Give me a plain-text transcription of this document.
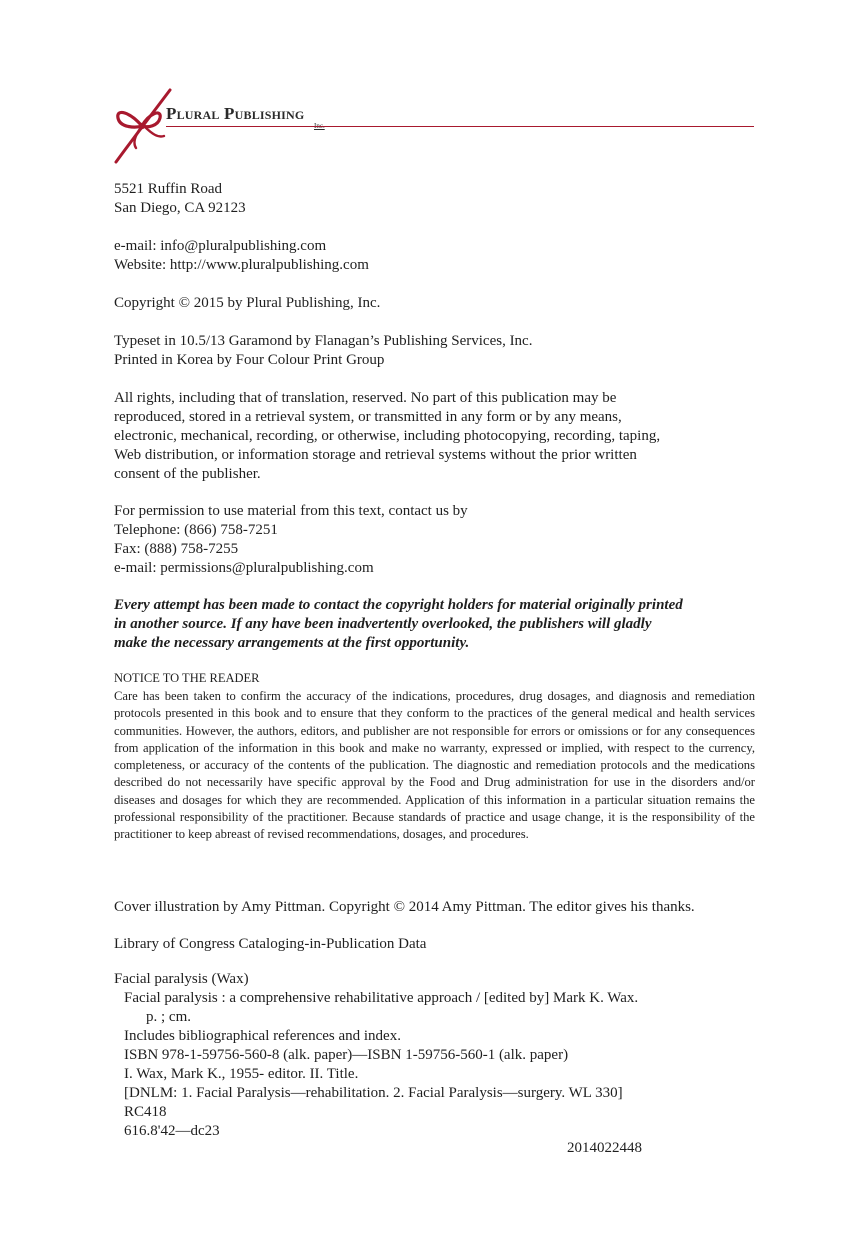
Plural Publishing
5521 Ruffin Road
San Diego, CA 92123
e-mail: info@pluralpublishing.com
Website: http://www.pluralpublishing.com
Copyright © 2015 by Plural Publishing, Inc.
Typeset in 10.5/13 Garamond by Flanagan’s Publishing Services, Inc.
Printed in Korea by Four Colour Print Group
All rights, including that of translation, reserved. No part of this publication may be
reproduced, stored in a retrieval system, or transmitted in any form or by any means,
electronic, mechanical, recording, or otherwise, including photocopying, recording, taping,
Web distribution, or information storage and retrieval systems without the prior written
consent of the publisher.
For permission to use material from this text, contact us by
Telephone: (866) 758-7251
Fax: (888) 758-7255
e-mail: permissions@pluralpublishing.com
Every attempt has been made to contact the copyright holders for material originally printed
in another source. If any have been inadvertently overlooked, the publishers will gladly
make the necessary arrangements at the first opportunity.
NOTICE TO THE READER
Care has been taken to confirm the accuracy of the indications, procedures, drug dosages, and diagnosis and remediation protocols presented in this book and to ensure that they conform to the practices of the general medical and health services communities. However, the authors, editors, and publisher are not responsible for errors or omissions or for any consequences from application of the information in this book and make no warranty, expressed or implied, with respect to the currency, completeness, or accuracy of the contents of the publication. The diagnostic and remediation protocols and the medications described do not necessarily have specific approval by the Food and Drug administration for use in the disorders and/or diseases and dosages for which they are recommended. Application of this information in a particular situation remains the professional responsibility of the practitioner. Because standards of practice and usage change, it is the responsibility of the practitioner to keep abreast of revised recommendations, dosages, and procedures.
Cover illustration by Amy Pittman. Copyright © 2014 Amy Pittman. The editor gives his thanks.
Library of Congress Cataloging-in-Publication Data
Facial paralysis (Wax)
Facial paralysis : a comprehensive rehabilitative approach / [edited by] Mark K. Wax.
p. ; cm.
Includes bibliographical references and index.
ISBN 978-1-59756-560-8 (alk. paper)—ISBN 1-59756-560-1 (alk. paper)
I. Wax, Mark K., 1955- editor. II. Title.
[DNLM: 1. Facial Paralysis—rehabilitation. 2. Facial Paralysis—surgery. WL 330]
RC418
616.8'42—dc23
2014022448
